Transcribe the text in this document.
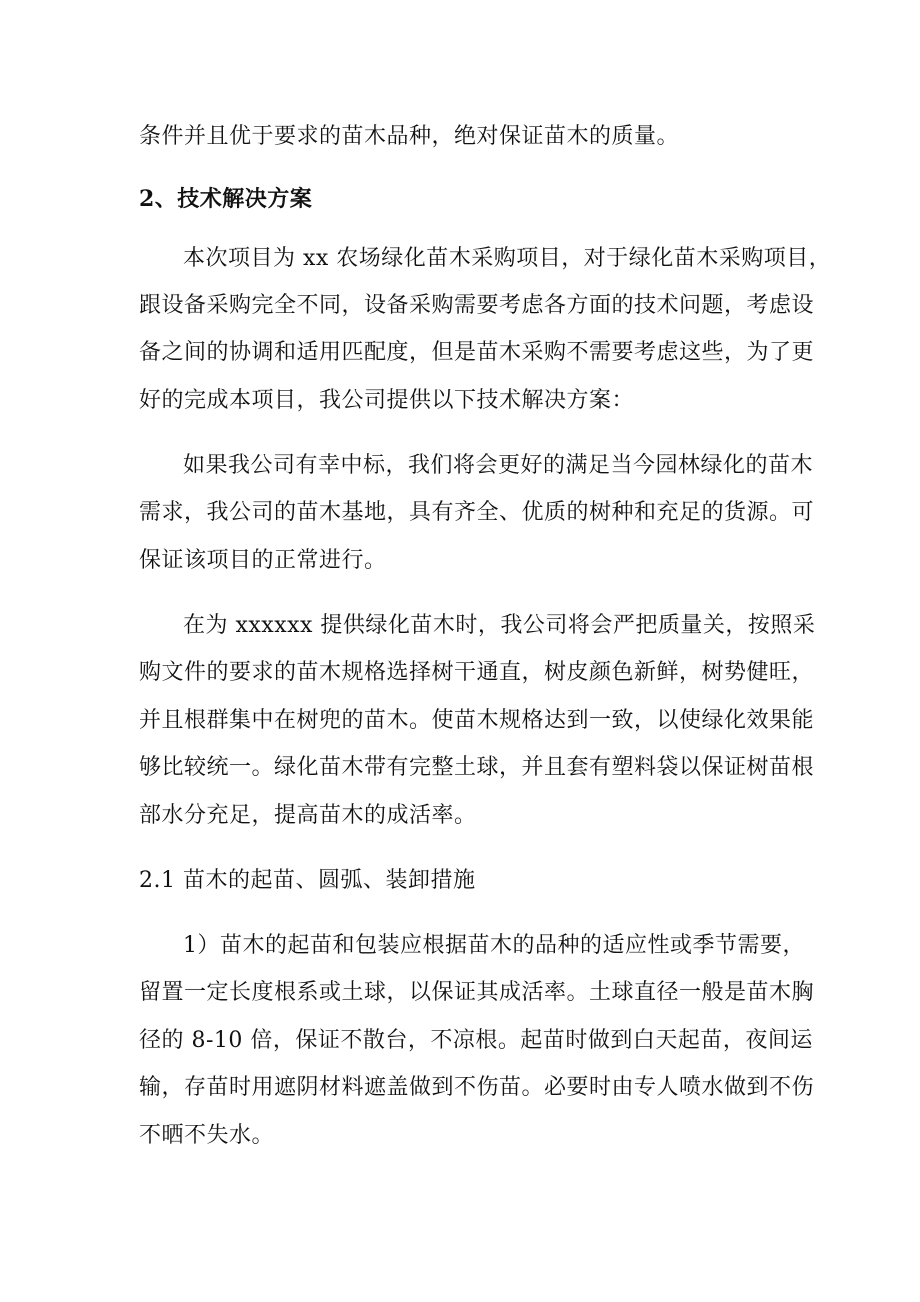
条件并且优于要求的苗木品种，绝对保证苗木的质量。
2、技术解决方案
本次项目为 xx 农场绿化苗木采购项目，对于绿化苗木采购项目，
跟设备采购完全不同，设备采购需要考虑各方面的技术问题，考虑设
备之间的协调和适用匹配度，但是苗木采购不需要考虑这些，为了更
好的完成本项目，我公司提供以下技术解决方案：
如果我公司有幸中标，我们将会更好的满足当今园林绿化的苗木
需求，我公司的苗木基地，具有齐全、优质的树种和充足的货源。可
保证该项目的正常进行。
在为 xxxxxx 提供绿化苗木时，我公司将会严把质量关，按照采
购文件的要求的苗木规格选择树干通直，树皮颜色新鲜，树势健旺，
并且根群集中在树兜的苗木。使苗木规格达到一致，以使绿化效果能
够比较统一。绿化苗木带有完整土球，并且套有塑料袋以保证树苗根
部水分充足，提高苗木的成活率。
2.1 苗木的起苗、圆弧、装卸措施
1）苗木的起苗和包装应根据苗木的品种的适应性或季节需要，
留置一定长度根系或土球，以保证其成活率。土球直径一般是苗木胸
径的 8-10 倍，保证不散台，不凉根。起苗时做到白天起苗，夜间运
输，存苗时用遮阴材料遮盖做到不伤苗。必要时由专人喷水做到不伤
不晒不失水。
